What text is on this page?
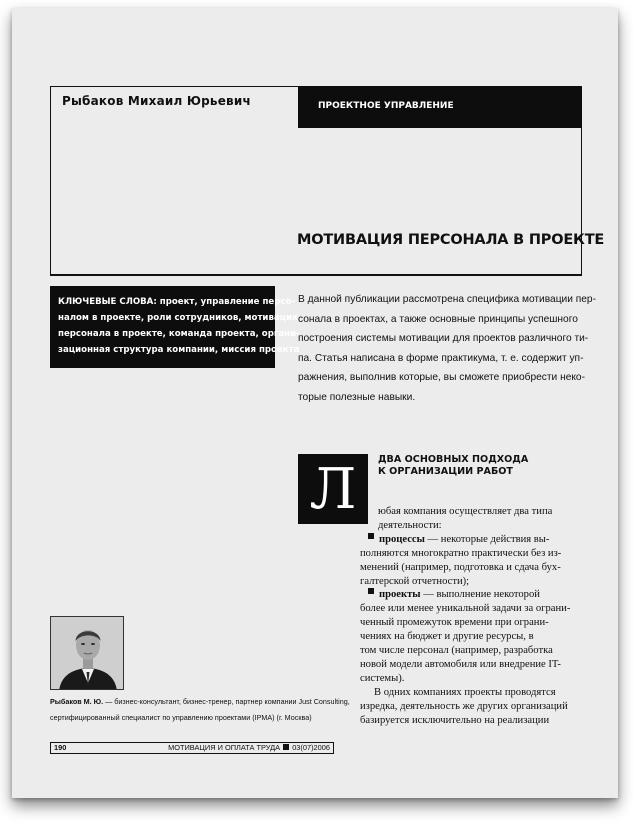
Рыбаков Михаил Юрьевич	ПРОЕКТНОЕ УПРАВЛЕНИЕ
МОТИВАЦИЯ ПЕРСОНАЛА В ПРОЕКТЕ
КЛЮЧЕВЫЕ СЛОВА: проект, управление персо-
налом в проекте, роли сотрудников, мотивация
персонала в проекте, команда проекта, органи-
зационная структура компании, миссия проекта
В данной публикации рассмотрена специфика мотивации пер-
сонала в проектах, а также основные принципы успешного
построения системы мотивации для проектов различного ти-
па. Статья написана в форме практикума, т. е. содержит уп-
ражнения, выполнив которые, вы сможете приобрести неко-
торые полезные навыки.
Л ДВА ОСНОВНЫХ ПОДХОДА
К ОРГАНИЗАЦИИ РАБОТ
юбая компания осуществляет два типа
деятельности:
процессы — некоторые действия вы-
полняются многократно практически без из-
менений (например, подготовка и сдача бух-
галтерской отчетности);
проекты — выполнение некоторой
более или менее уникальной задачи за ограни-
ченный промежуток времени при ограни-
чениях на бюджет и другие ресурсы, в
том числе персонал (например, разработка
новой модели автомобиля или внедрение IT-
системы).
В одних компаниях проекты проводятся
изредка, деятельность же других организаций
базируется исключительно на реализации
Рыбаков М. Ю. — бизнес-консультант, бизнес-тренер, партнер компании Just Consulting,
сертифицированный специалист по управлению проектами (IPMA) (г. Москва)
190	МОТИВАЦИЯ И ОПЛАТА ТРУДА 03(07)2006
